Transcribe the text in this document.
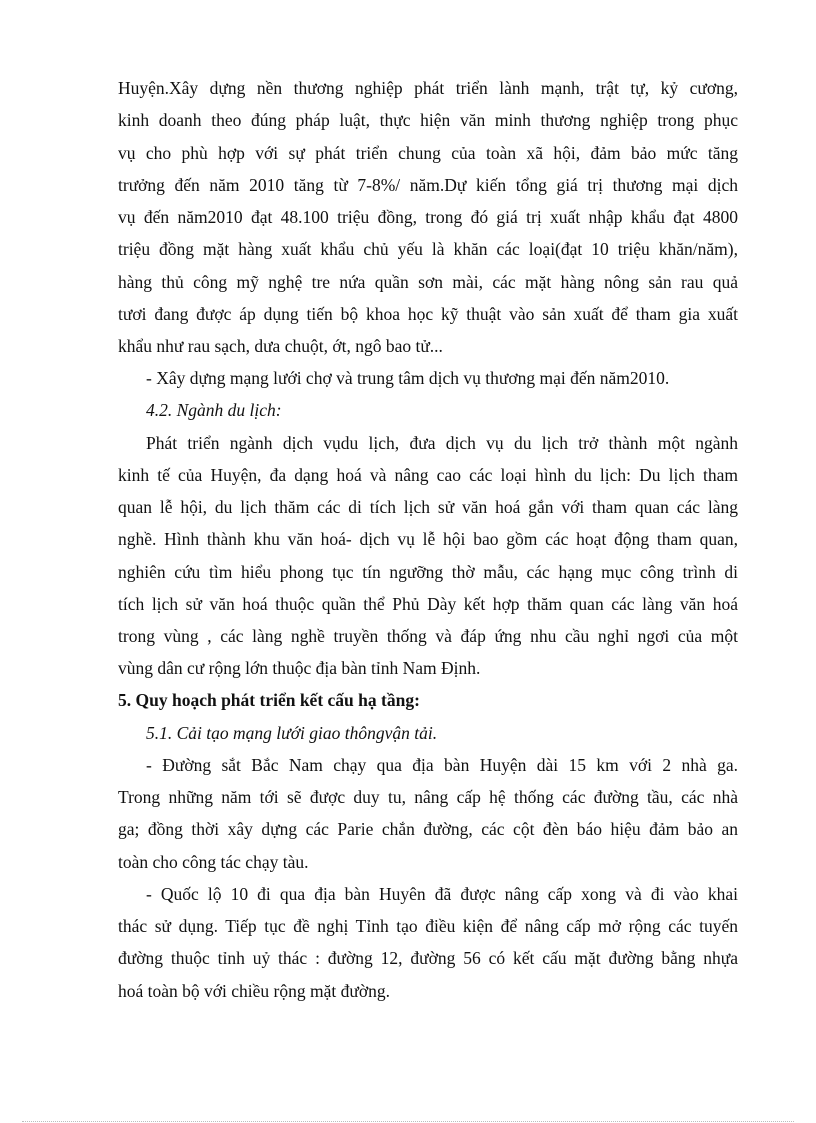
Huyện.Xây dựng nền thương nghiệp phát triển lành mạnh, trật tự, kỷ cương,
kinh doanh theo đúng pháp luật, thực hiện văn minh thương nghiệp trong phục
vụ cho phù hợp với sự phát triển chung của toàn xã hội, đảm bảo mức tăng
trưởng đến năm 2010 tăng từ 7-8%/ năm.Dự kiến tổng giá trị thương mại dịch
vụ đến năm2010 đạt 48.100 triệu đồng, trong đó giá trị xuất nhập khẩu đạt 4800
triệu đồng mặt hàng xuất khẩu chủ yếu là khăn các loại(đạt 10 triệu khăn/năm),
hàng thủ công mỹ nghệ tre nứa quần sơn mài, các mặt hàng nông sản rau quả
tươi đang được áp dụng tiến bộ khoa học kỹ thuật vào sản xuất để tham gia xuất
khẩu như rau sạch, dưa chuột, ớt, ngô bao tử...
- Xây dựng mạng lưới chợ và trung tâm dịch vụ thương mại đến năm2010.
4.2. Ngành du lịch:
Phát triển ngành dịch vụdu lịch, đưa dịch vụ du lịch trở thành một ngành
kinh tế của Huyện, đa dạng hoá và nâng cao các loại hình du lịch: Du lịch tham
quan lễ hội, du lịch thăm các di tích lịch sử văn hoá gắn với tham quan các làng
nghề. Hình thành khu văn hoá- dịch vụ lễ hội bao gồm các hoạt động tham quan,
nghiên cứu tìm hiểu phong tục tín ngưỡng thờ mẫu, các hạng mục công trình di
tích lịch sử văn hoá thuộc quần thể Phủ Dày kết hợp thăm quan các làng văn hoá
trong vùng , các làng nghề truyền thống và đáp ứng nhu cầu nghỉ ngơi của một
vùng dân cư rộng lớn thuộc địa bàn tỉnh Nam Định.
5. Quy hoạch phát triển kết cấu hạ tầng:
5.1. Cải tạo mạng lưới giao thôngvận tải.
- Đường sắt Bắc Nam chạy qua địa bàn Huyện dài 15 km với 2 nhà ga.
Trong những năm tới sẽ được duy tu, nâng cấp hệ thống các đường tầu, các nhà
ga; đồng thời xây dựng các Parie chắn đường, các cột đèn báo hiệu đảm bảo an
toàn cho công tác chạy tàu.
- Quốc lộ 10 đi qua địa bàn Huyên đã được nâng cấp xong và đi vào khai
thác sử dụng. Tiếp tục đề nghị Tỉnh tạo điều kiện để nâng cấp mở rộng các tuyến
đường thuộc tỉnh uỷ thác : đường 12, đường 56 có kết cấu mặt đường bằng nhựa
hoá toàn bộ với chiều rộng mặt đường.
